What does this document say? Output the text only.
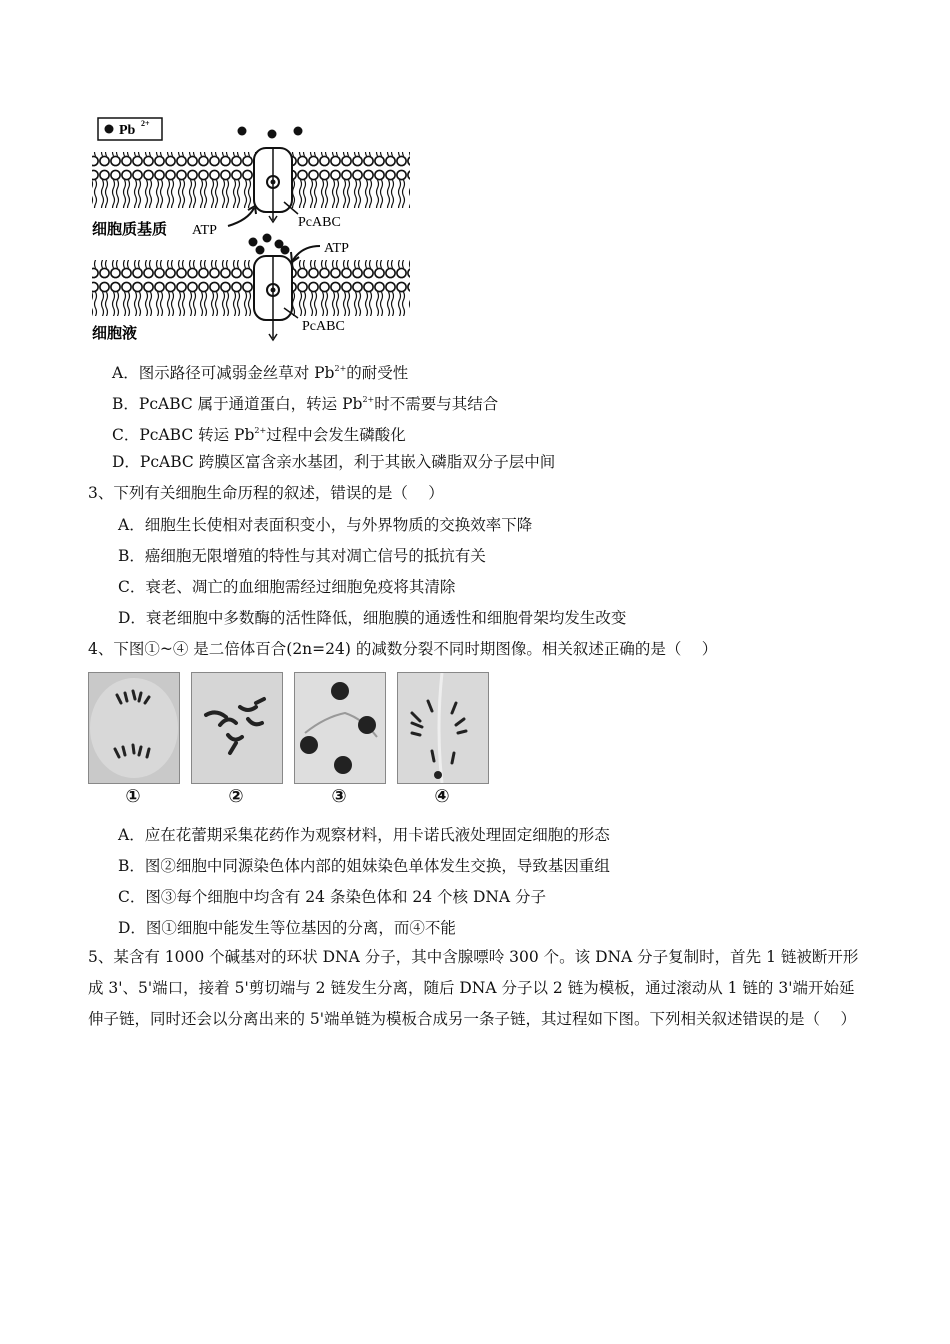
Pb 2+
细胞质基质 ATP
PcABC
ATP
PcABC
细胞液
A．图示路径可减弱金丝草对 $Pb^{2+}$的耐受性
B．PcABC 属于通道蛋白，转运 $Pb^{2+}$时不需要与其结合
C．PcABC 转运 $Pb^{2+}$过程中会发生磷酸化
D．PcABC 跨膜区富含亲水基团，利于其嵌入磷脂双分子层中间
3、下列有关细胞生命历程的叙述，错误的是（　 ）
A．细胞生长使相对表面积变小，与外界物质的交换效率下降
B．癌细胞无限增殖的特性与其对凋亡信号的抵抗有关
C．衰老、凋亡的血细胞需经过细胞免疫将其清除
D．衰老细胞中多数酶的活性降低，细胞膜的通透性和细胞骨架均发生改变
4、下图①~④ 是二倍体百合(2n=24) 的减数分裂不同时期图像。相关叙述正确的是（　 ）
①	②	③	④
A．应在花蕾期采集花药作为观察材料，用卡诺氏液处理固定细胞的形态
B．图②细胞中同源染色体内部的姐妹染色单体发生交换，导致基因重组
C．图③每个细胞中均含有 24 条染色体和 24 个核 DNA 分子
D．图①细胞中能发生等位基因的分离，而④不能
5、某含有 1000 个碱基对的环状 DNA 分子，其中含腺嘌呤 300 个。该 DNA 分子复制时，首先 1 链被断开形成 3'、5'端口，接着 5'剪切端与 2 链发生分离，随后 DNA 分子以 2 链为模板，通过滚动从 1 链的 3'端开始延伸子链，同时还会以分离出来的 5'端单链为模板合成另一条子链，其过程如下图。下列相关叙述错误的是（　 ）
